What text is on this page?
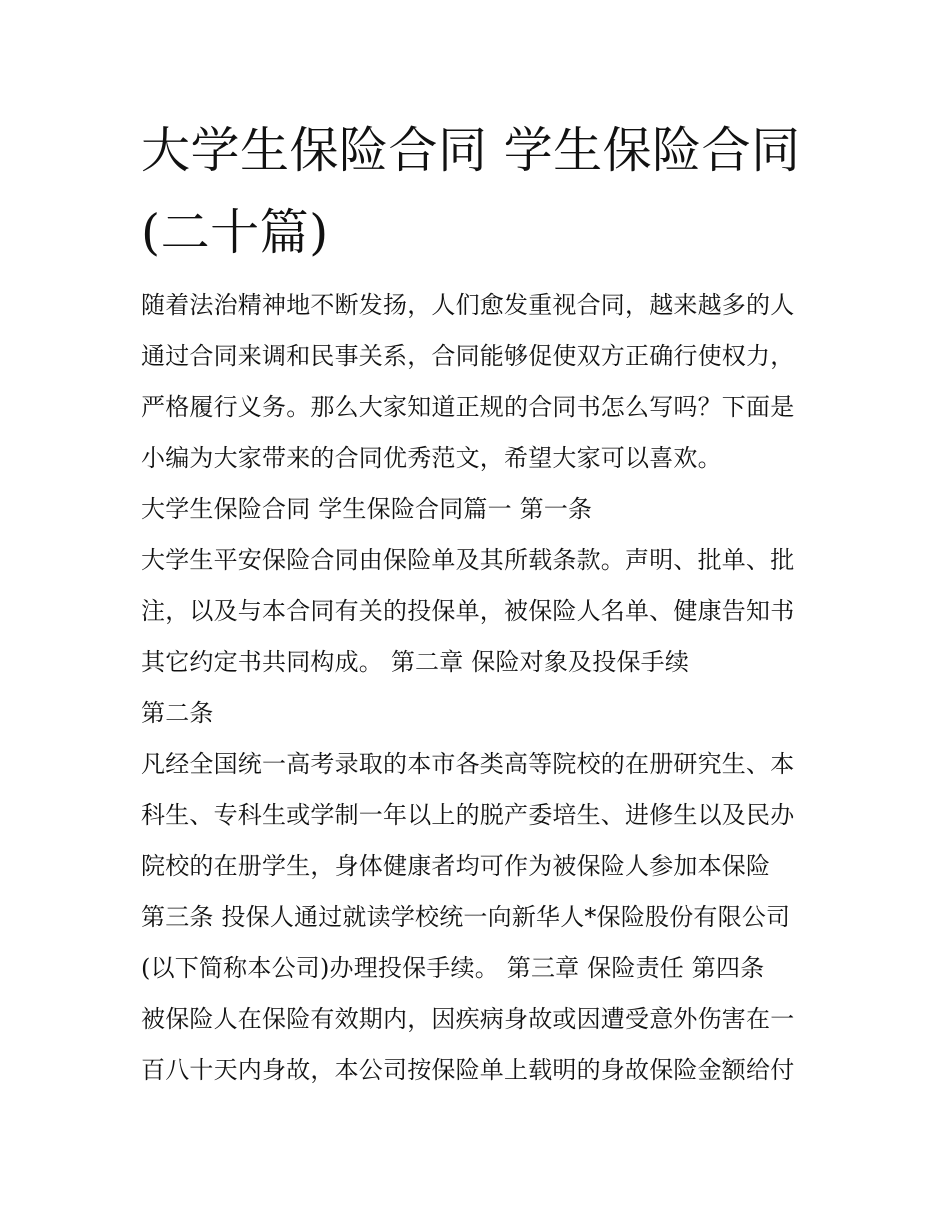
大学生保险合同 学生保险合同
(二十篇)
随着法治精神地不断发扬，人们愈发重视合同，越来越多的人
通过合同来调和民事关系，合同能够促使双方正确行使权力，
严格履行义务。那么大家知道正规的合同书怎么写吗？下面是
小编为大家带来的合同优秀范文，希望大家可以喜欢。
大学生保险合同 学生保险合同篇一 第一条
大学生平安保险合同由保险单及其所载条款。声明、批单、批
注，以及与本合同有关的投保单，被保险人名单、健康告知书
其它约定书共同构成。 第二章 保险对象及投保手续
第二条
凡经全国统一高考录取的本市各类高等院校的在册研究生、本
科生、专科生或学制一年以上的脱产委培生、进修生以及民办
院校的在册学生，身体健康者均可作为被保险人参加本保险
第三条 投保人通过就读学校统一向新华人*保险股份有限公司
(以下简称本公司)办理投保手续。 第三章 保险责任 第四条
被保险人在保险有效期内，因疾病身故或因遭受意外伤害在一
百八十天内身故，本公司按保险单上载明的身故保险金额给付
